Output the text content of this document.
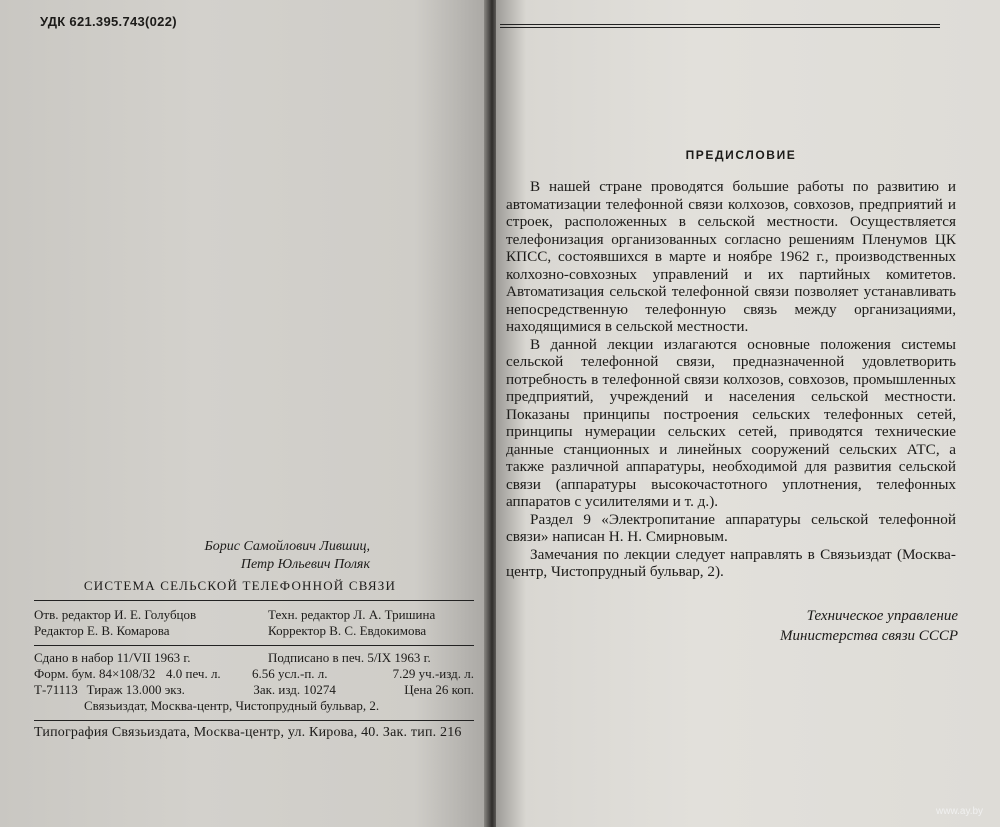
УДК 621.395.743(022)
Борис Самойлович Лившиц,
Петр Юльевич Поляк
СИСТЕМА СЕЛЬСКОЙ ТЕЛЕФОННОЙ СВЯЗИ
Отв. редактор И. Е. Голубцов	Техн. редактор Л. А. Тришина
Редактор Е. В. Комарова	Корректор В. С. Евдокимова
Сдано в набор 11/VII 1963 г.	Подписано в печ. 5/IX 1963 г.
Форм. бум. 84×108/32 4.0 печ. л.	6.56 усл.-п. л.	7.29 уч.-изд. л.
Т-71113 Тираж 13.000 экз.	Зак. изд. 10274	Цена 26 коп.
Связьиздат, Москва-центр, Чистопрудный бульвар, 2.
Типография Связьиздата, Москва-центр, ул. Кирова, 40. Зак. тип. 216
ПРЕДИСЛОВИЕ

В нашей стране проводятся большие работы по развитию и автоматизации телефонной связи колхозов, совхозов, предприятий и строек, расположенных в сельской местности. Осуществляется телефонизация организованных согласно решениям Пленумов ЦК КПСС, состоявшихся в марте и ноябре 1962 г., производственных колхозно-совхозных управлений и их партийных комитетов. Автоматизация сельской телефонной связи позволяет устанавливать непосредственную телефонную связь между организациями, находящимися в сельской местности.

В данной лекции излагаются основные положения системы сельской телефонной связи, предназначенной удовлетворить потребность в телефонной связи колхозов, совхозов, промышленных предприятий, учреждений и населения сельской местности. Показаны принципы построения сельских телефонных сетей, принципы нумерации сельских сетей, приводятся технические данные станционных и линейных сооружений сельских АТС, а также различной аппаратуры, необходимой для развития сельской связи (аппаратуры высокочастотного уплотнения, телефонных аппаратов с усилителями и т. д.).

Раздел 9 «Электропитание аппаратуры сельской телефонной связи» написан Н. Н. Смирновым.

Замечания по лекции следует направлять в Связьиздат (Москва-центр, Чистопрудный бульвар, 2).

Техническое управление
Министерства связи СССР
www.ay.by
